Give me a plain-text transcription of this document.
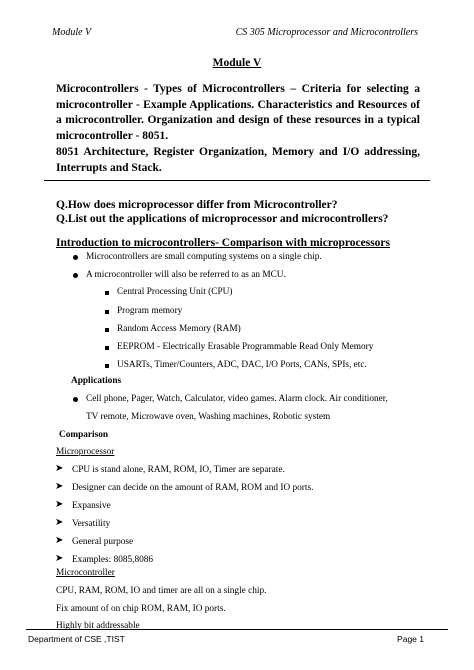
Module V	CS 305 Microprocessor and Microcontrollers
Module V
Microcontrollers - Types of Microcontrollers – Criteria for selecting a microcontroller - Example Applications. Characteristics and Resources of a microcontroller. Organization and design of these resources in a typical microcontroller - 8051.
8051 Architecture, Register Organization, Memory and I/O addressing, Interrupts and Stack.
Q.How does microprocessor differ from Microcontroller?
Q.List out the applications of microprocessor and microcontrollers?
Introduction to microcontrollers- Comparison with microprocessors
Microcontrollers are small computing systems on a single chip.
A microcontroller will also be referred to as an MCU.
Central Processing Unit (CPU)
Program memory
Random Access Memory (RAM)
EEPROM - Electrically Erasable Programmable Read Only Memory
USARTs, Timer/Counters, ADC, DAC, I/O Ports, CANs, SPIs, etc.
Applications
Cell phone, Pager, Watch, Calculator, video games. Alarm clock. Air conditioner,
TV remote, Microwave oven, Washing machines, Robotic system
Comparison
Microprocessor
➤ CPU is stand alone, RAM, ROM, IO, Timer are separate.
➤ Designer can decide on the amount of RAM, ROM and IO ports.
➤ Expansive
➤ Versatility
➤ General purpose
➤ Examples: 8085,8086
Microcontroller
CPU, RAM, ROM, IO and timer are all on a single chip.
Fix amount of on chip ROM, RAM, IO ports.
Highly bit addressable
Department of CSE ,TIST	Page 1
